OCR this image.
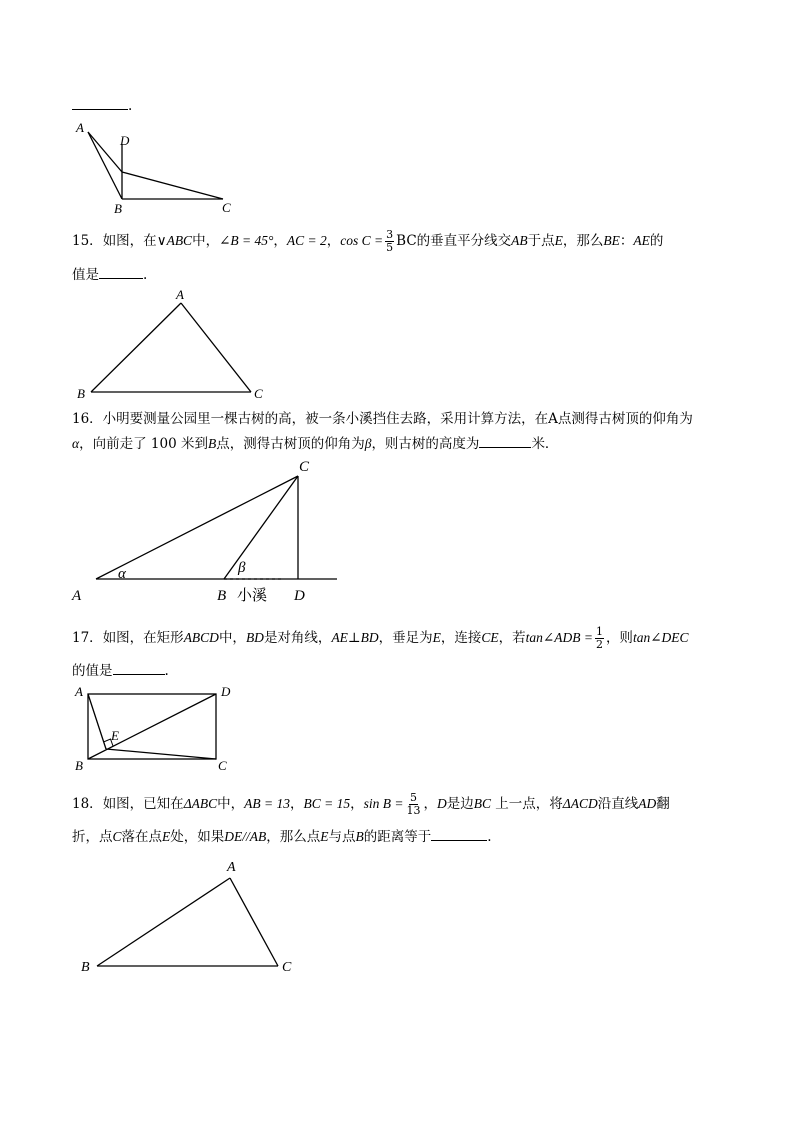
.
A
D
B	C
15．如图，在∨ABC中，∠B = 45°，AC = 2，$\cos C = \frac{3}{5}$ BC的垂直平分线交AB于点E，那么BE：AE的
值是	.
A
B	C
16．小明要测量公园里一棵古树的高，被一条小溪挡住去路，采用计算方法，在A点测得古树顶的仰角为
α，向前走了 100 米到B点，测得古树顶的仰角为β，则古树的高度为	米．
C
α	β
A	B 小溪 D
17．如图，在矩形ABCD中，BD是对角线，AE⊥BD，垂足为E，连接CE，若tan∠ADB = $\frac{1}{2}$ ，则tan∠DEC
的值是	.
A	D
E
B	C
18．如图，已知在ΔABC中，AB = 13，BC = 15，$\sin B = \frac{5}{13}$ ，D是边BC 上一点，将ΔACD沿直线AD翻
折，点C落在点E处，如果DE//AB，那么点E与点B的距离等于	.
A
B	C
